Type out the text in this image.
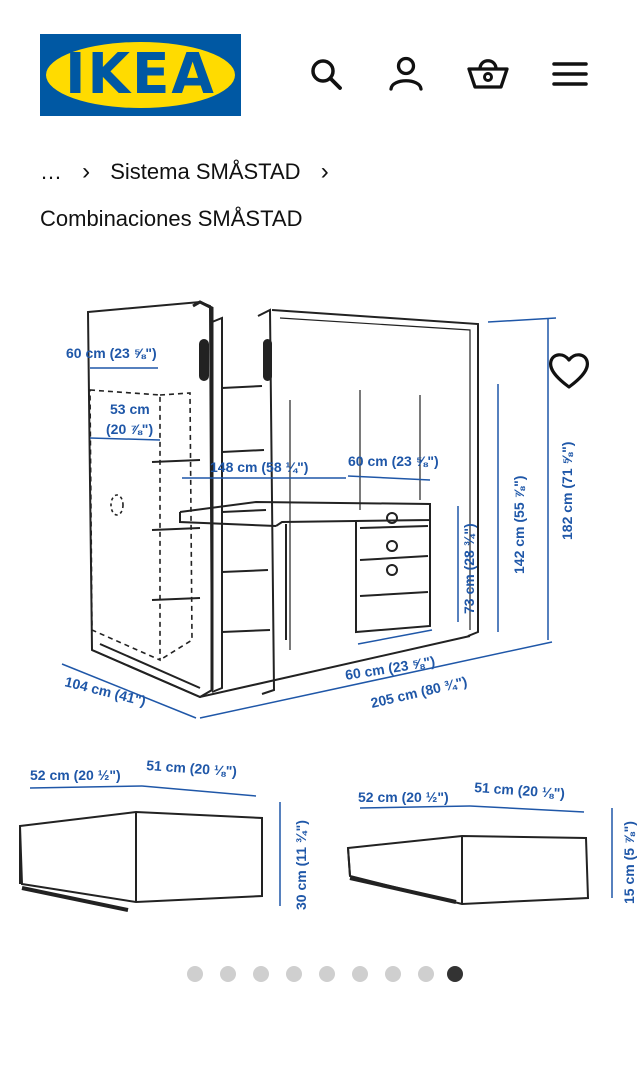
IKEA
… › Sistema SMÅSTAD ›
Combinaciones SMÅSTAD
60 cm (23 ⅝")
53 cm
(20 ⅞")
148 cm (58 ¼")	60 cm (23 ⅝")
73 cm (28 ¾") 142 cm (55 ⅞") 182 cm (71 ⅝")
104 cm (41")	205 cm (80 ¾")
60 cm (23 ⅝")
52 cm (20 ½") 51 cm (20 ⅛")
30 cm (11 ¾")
52 cm (20 ½") 51 cm (20 ⅛")
15 cm (5 ⅞")
